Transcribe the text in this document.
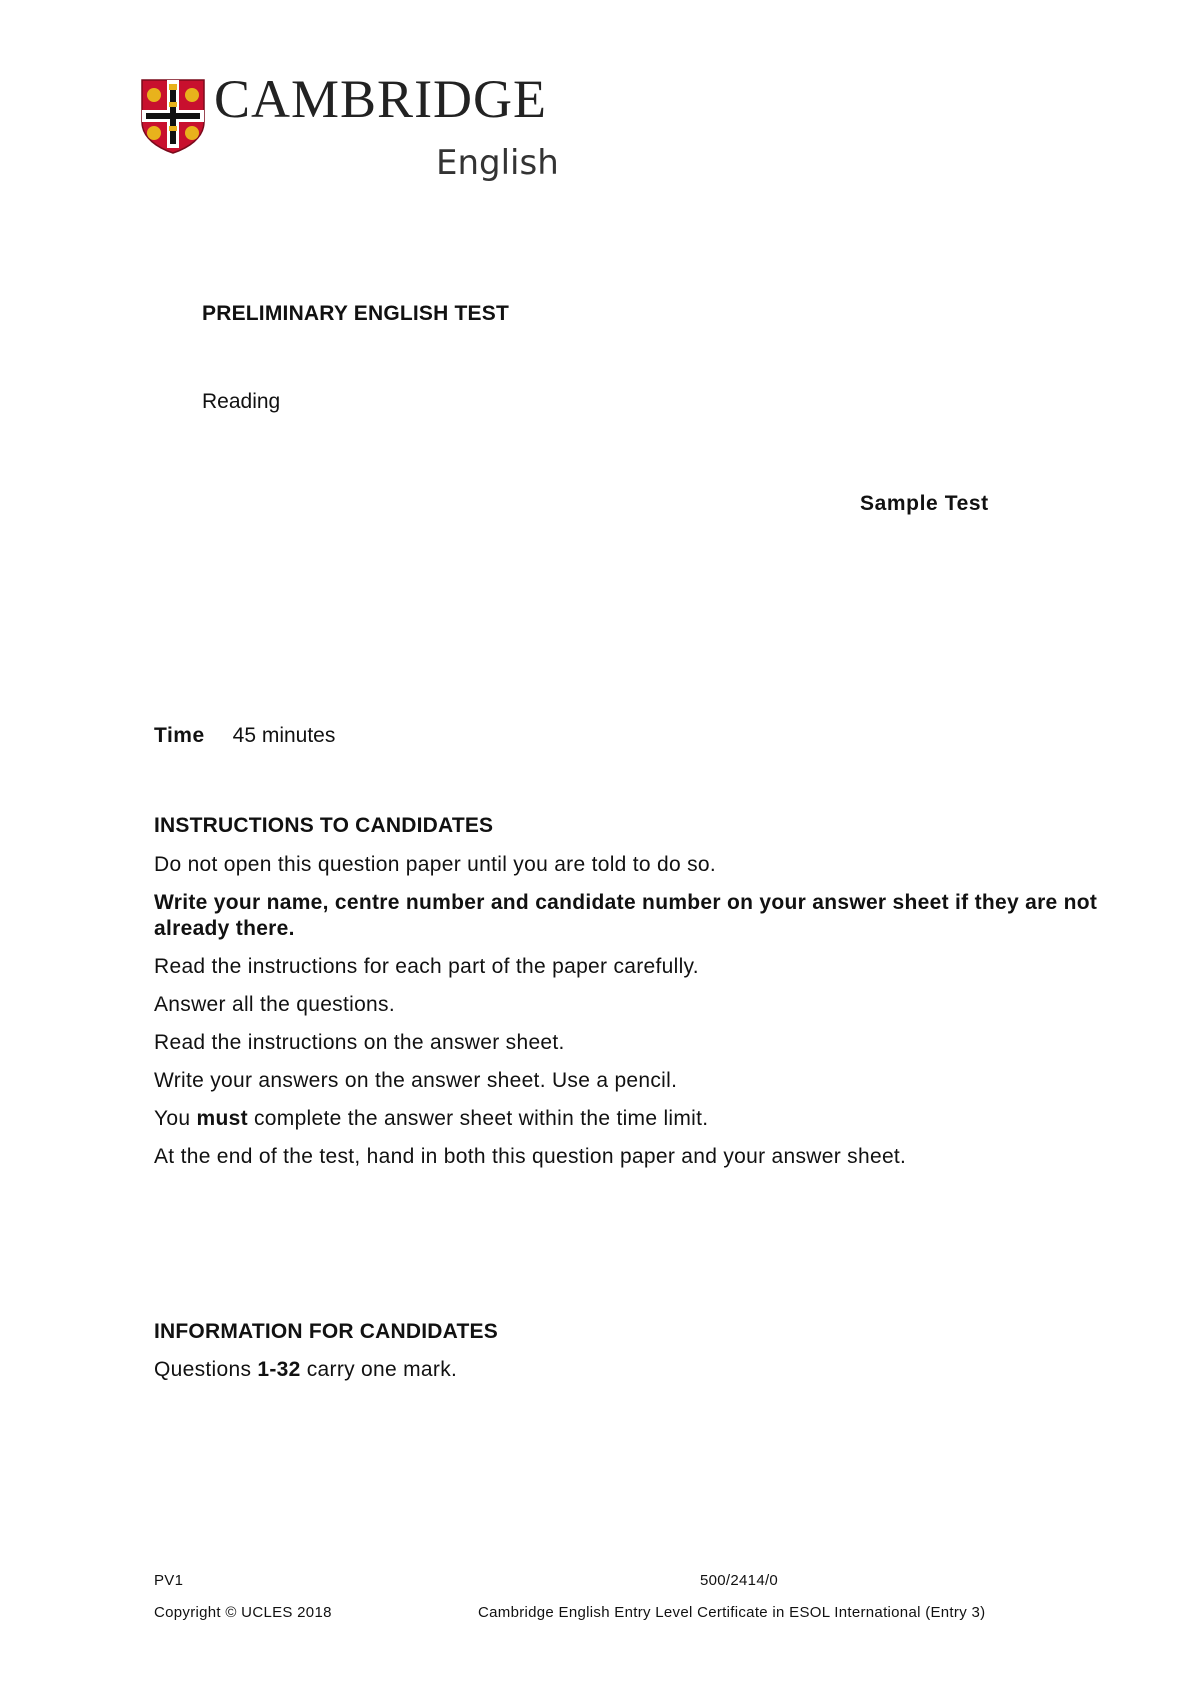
CAMBRIDGE
English
PRELIMINARY ENGLISH TEST
Reading
Sample Test
Time 45 minutes
INSTRUCTIONS TO CANDIDATES
Do not open this question paper until you are told to do so.
Write your name, centre number and candidate number on your answer sheet if they are not already there.
Read the instructions for each part of the paper carefully.
Answer all the questions.
Read the instructions on the answer sheet.
Write your answers on the answer sheet. Use a pencil.
You must complete the answer sheet within the time limit.
At the end of the test, hand in both this question paper and your answer sheet.
INFORMATION FOR CANDIDATES
Questions 1-32 carry one mark.
PV1	500/2414/0
Copyright © UCLES 2018	Cambridge English Entry Level Certificate in ESOL International (Entry 3)
